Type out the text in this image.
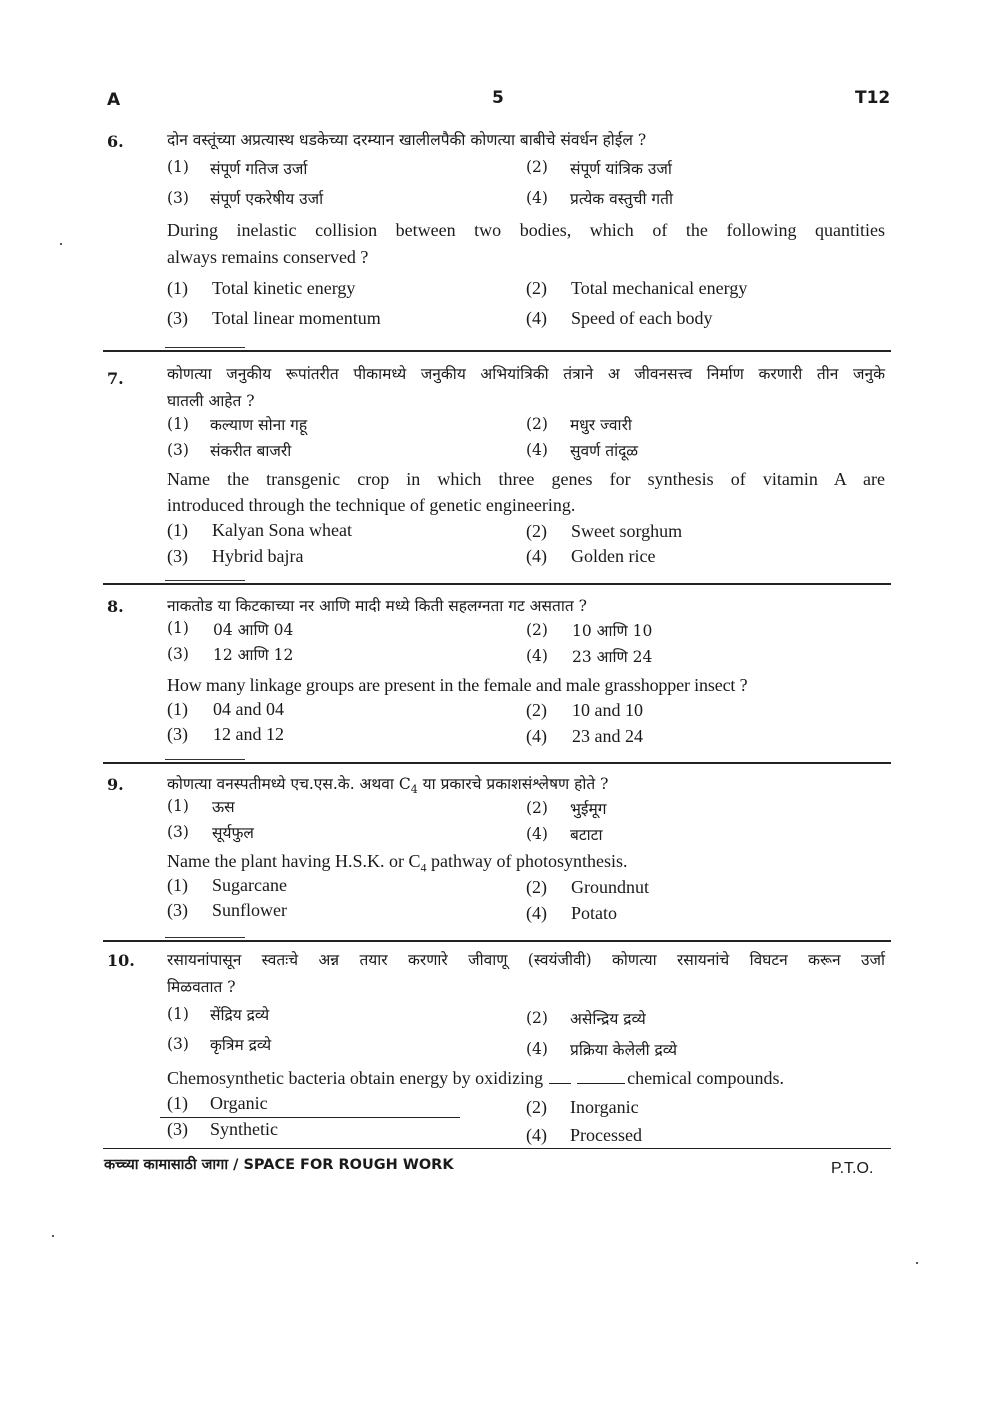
A	5	T12
6.	दोन वस्तूंच्या अप्रत्यास्थ धडकेच्या दरम्यान खालीलपैकी कोणत्या बाबीचे संवर्धन होईल ?
(1) संपूर्ण गतिज उर्जा	(2) संपूर्ण यांत्रिक उर्जा
(3) संपूर्ण एकरेषीय उर्जा	(4) प्रत्येक वस्तुची गती
During inelastic collision between two bodies, which of the following quantities
always remains conserved ?
(1) Total kinetic energy	(2) Total mechanical energy
(3) Total linear momentum	(4) Speed of each body
7.	कोणत्या जनुकीय रूपांतरीत पीकामध्ये जनुकीय अभियांत्रिकी तंत्राने अ जीवनसत्त्व निर्माण करणारी तीन जनुके
घातली आहेत ?
(1) कल्याण सोना गहू	(2) मधुर ज्वारी
(3) संकरीत बाजरी	(4) सुवर्ण तांदूळ
Name the transgenic crop in which three genes for synthesis of vitamin A are
introduced through the technique of genetic engineering.
(1) Kalyan Sona wheat	(2) Sweet sorghum
(3) Hybrid bajra	(4) Golden rice
8.	नाकतोड या किटकाच्या नर आणि मादी मध्ये किती सहलग्नता गट असतात ?
(1) 04 आणि 04	(2) 10 आणि 10
(3) 12 आणि 12	(4) 23 आणि 24
How many linkage groups are present in the female and male grasshopper insect ?
(1) 04 and 04	(2) 10 and 10
(3) 12 and 12	(4) 23 and 24
9.	कोणत्या वनस्पतीमध्ये एच.एस.के. अथवा $C_4$ या प्रकारचे प्रकाशसंश्लेषण होते ?
(1) ऊस	(2) भुईमूग
(3) सूर्यफुल	(4) बटाटा
Name the plant having H.S.K. or $C_4$ pathway of photosynthesis.
(1) Sugarcane	(2) Groundnut
(3) Sunflower	(4) Potato
10. रसायनांपासून स्वतःचे अन्न तयार करणारे जीवाणू (स्वयंजीवी) कोणत्या रसायनांचे विघटन करून उर्जा
मिळवतात ?
(1) सेंद्रिय द्रव्ये	(2) असेन्द्रिय द्रव्ये
(3) कृत्रिम द्रव्ये	(4) प्रक्रिया केलेली द्रव्ये
Chemosynthetic bacteria obtain energy by oxidizing	chemical compounds.
(1) Organic	(2) Inorganic
(3) Synthetic	(4) Processed
कच्च्या कामासाठी जागा / SPACE FOR ROUGH WORK	P.T.O.
